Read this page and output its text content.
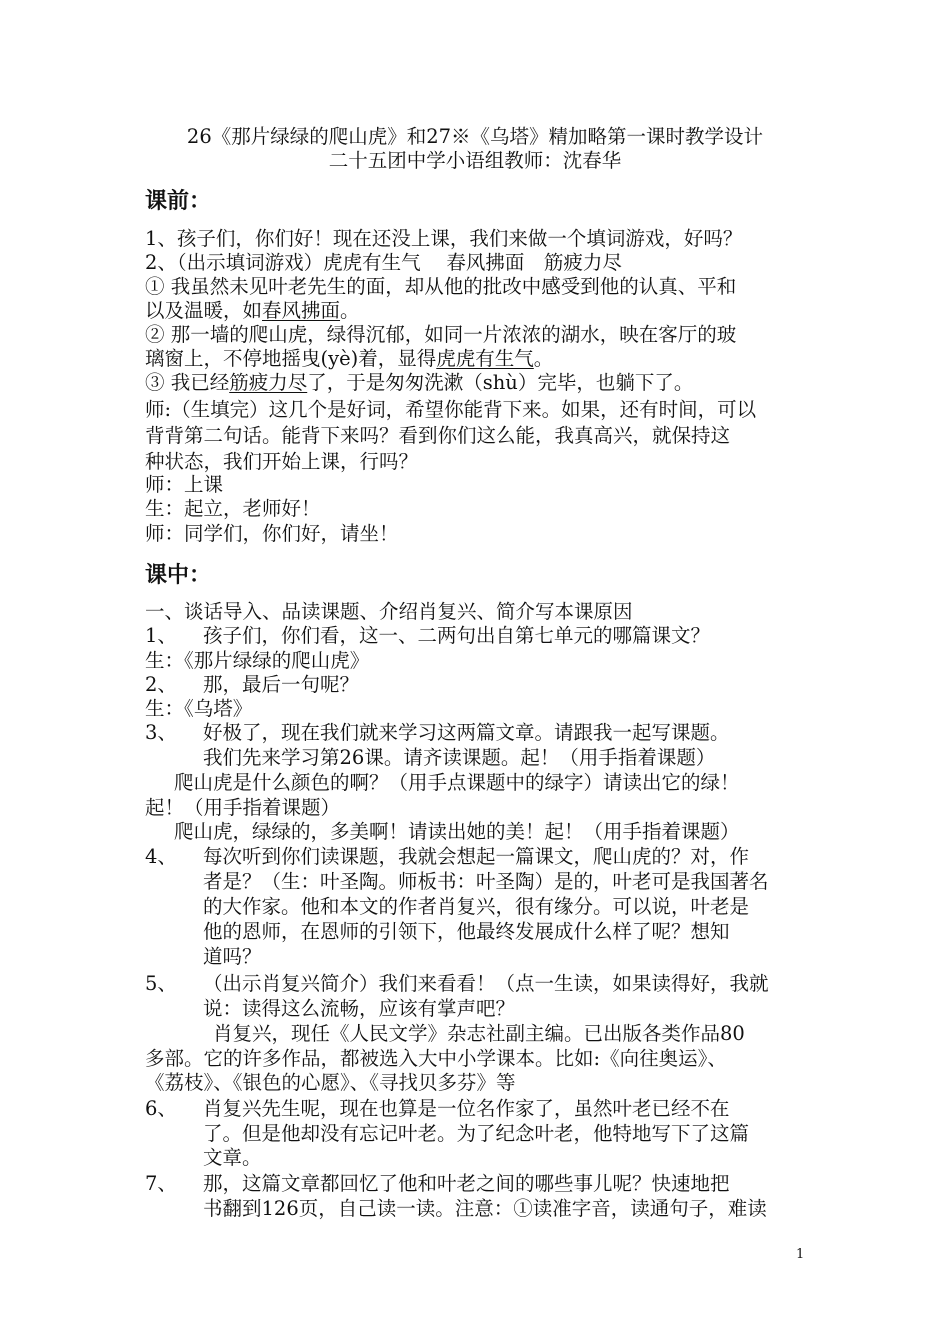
26《那片绿绿的爬山虎》和27※《乌塔》精加略第一课时教学设计
二十五团中学小语组教师：沈春华
课前：
1、孩子们，你们好！现在还没上课，我们来做一个填词游戏，好吗？
2、（出示填词游戏）虎虎有生气　 春风拂面　筋疲力尽
① 我虽然未见叶老先生的面，却从他的批改中感受到他的认真、平和
以及温暖，如春风拂面。
② 那一墙的爬山虎，绿得沉郁，如同一片浓浓的湖水，映在客厅的玻
璃窗上，不停地摇曳(yè)着，显得虎虎有生气。
③ 我已经筋疲力尽了，于是匆匆洗漱（shù）完毕，也躺下了。
师:（生填完）这几个是好词，希望你能背下来。如果，还有时间，可以
背背第二句话。能背下来吗？看到你们这么能，我真高兴，就保持这
种状态，我们开始上课，行吗？
师：上课
生：起立，老师好！
师：同学们，你们好，请坐！
课中：
一、谈话导入、品读课题、介绍肖复兴、简介写本课原因
1、 孩子们，你们看，这一、二两句出自第七单元的哪篇课文？
生：《那片绿绿的爬山虎》
2、 那，最后一句呢？
生：《乌塔》
3、 好极了，现在我们就来学习这两篇文章。请跟我一起写课题。
我们先来学习第26课。请齐读课题。起！（用手指着课题）
爬山虎是什么颜色的啊？（用手点课题中的绿字）请读出它的绿！
起！（用手指着课题）
爬山虎，绿绿的，多美啊！请读出她的美！起！（用手指着课题）
4、 每次听到你们读课题，我就会想起一篇课文，爬山虎的？对，作
者是？（生：叶圣陶。师板书：叶圣陶）是的，叶老可是我国著名
的大作家。他和本文的作者肖复兴，很有缘分。可以说，叶老是
他的恩师，在恩师的引领下，他最终发展成什么样了呢？想知
道吗？
5、 （出示肖复兴简介）我们来看看！（点一生读，如果读得好，我就
说：读得这么流畅，应该有掌声吧？
肖复兴，现任《人民文学》杂志社副主编。已出版各类作品80
多部。它的许多作品，都被选入大中小学课本。比如:《向往奥运》、
《荔枝》、《银色的心愿》、《寻找贝多芬》等
6、 肖复兴先生呢，现在也算是一位名作家了，虽然叶老已经不在
了。但是他却没有忘记叶老。为了纪念叶老，他特地写下了这篇
文章。
7、 那，这篇文章都回忆了他和叶老之间的哪些事儿呢？快速地把
书翻到126页，自己读一读。注意：①读准字音，读通句子，难读
1
